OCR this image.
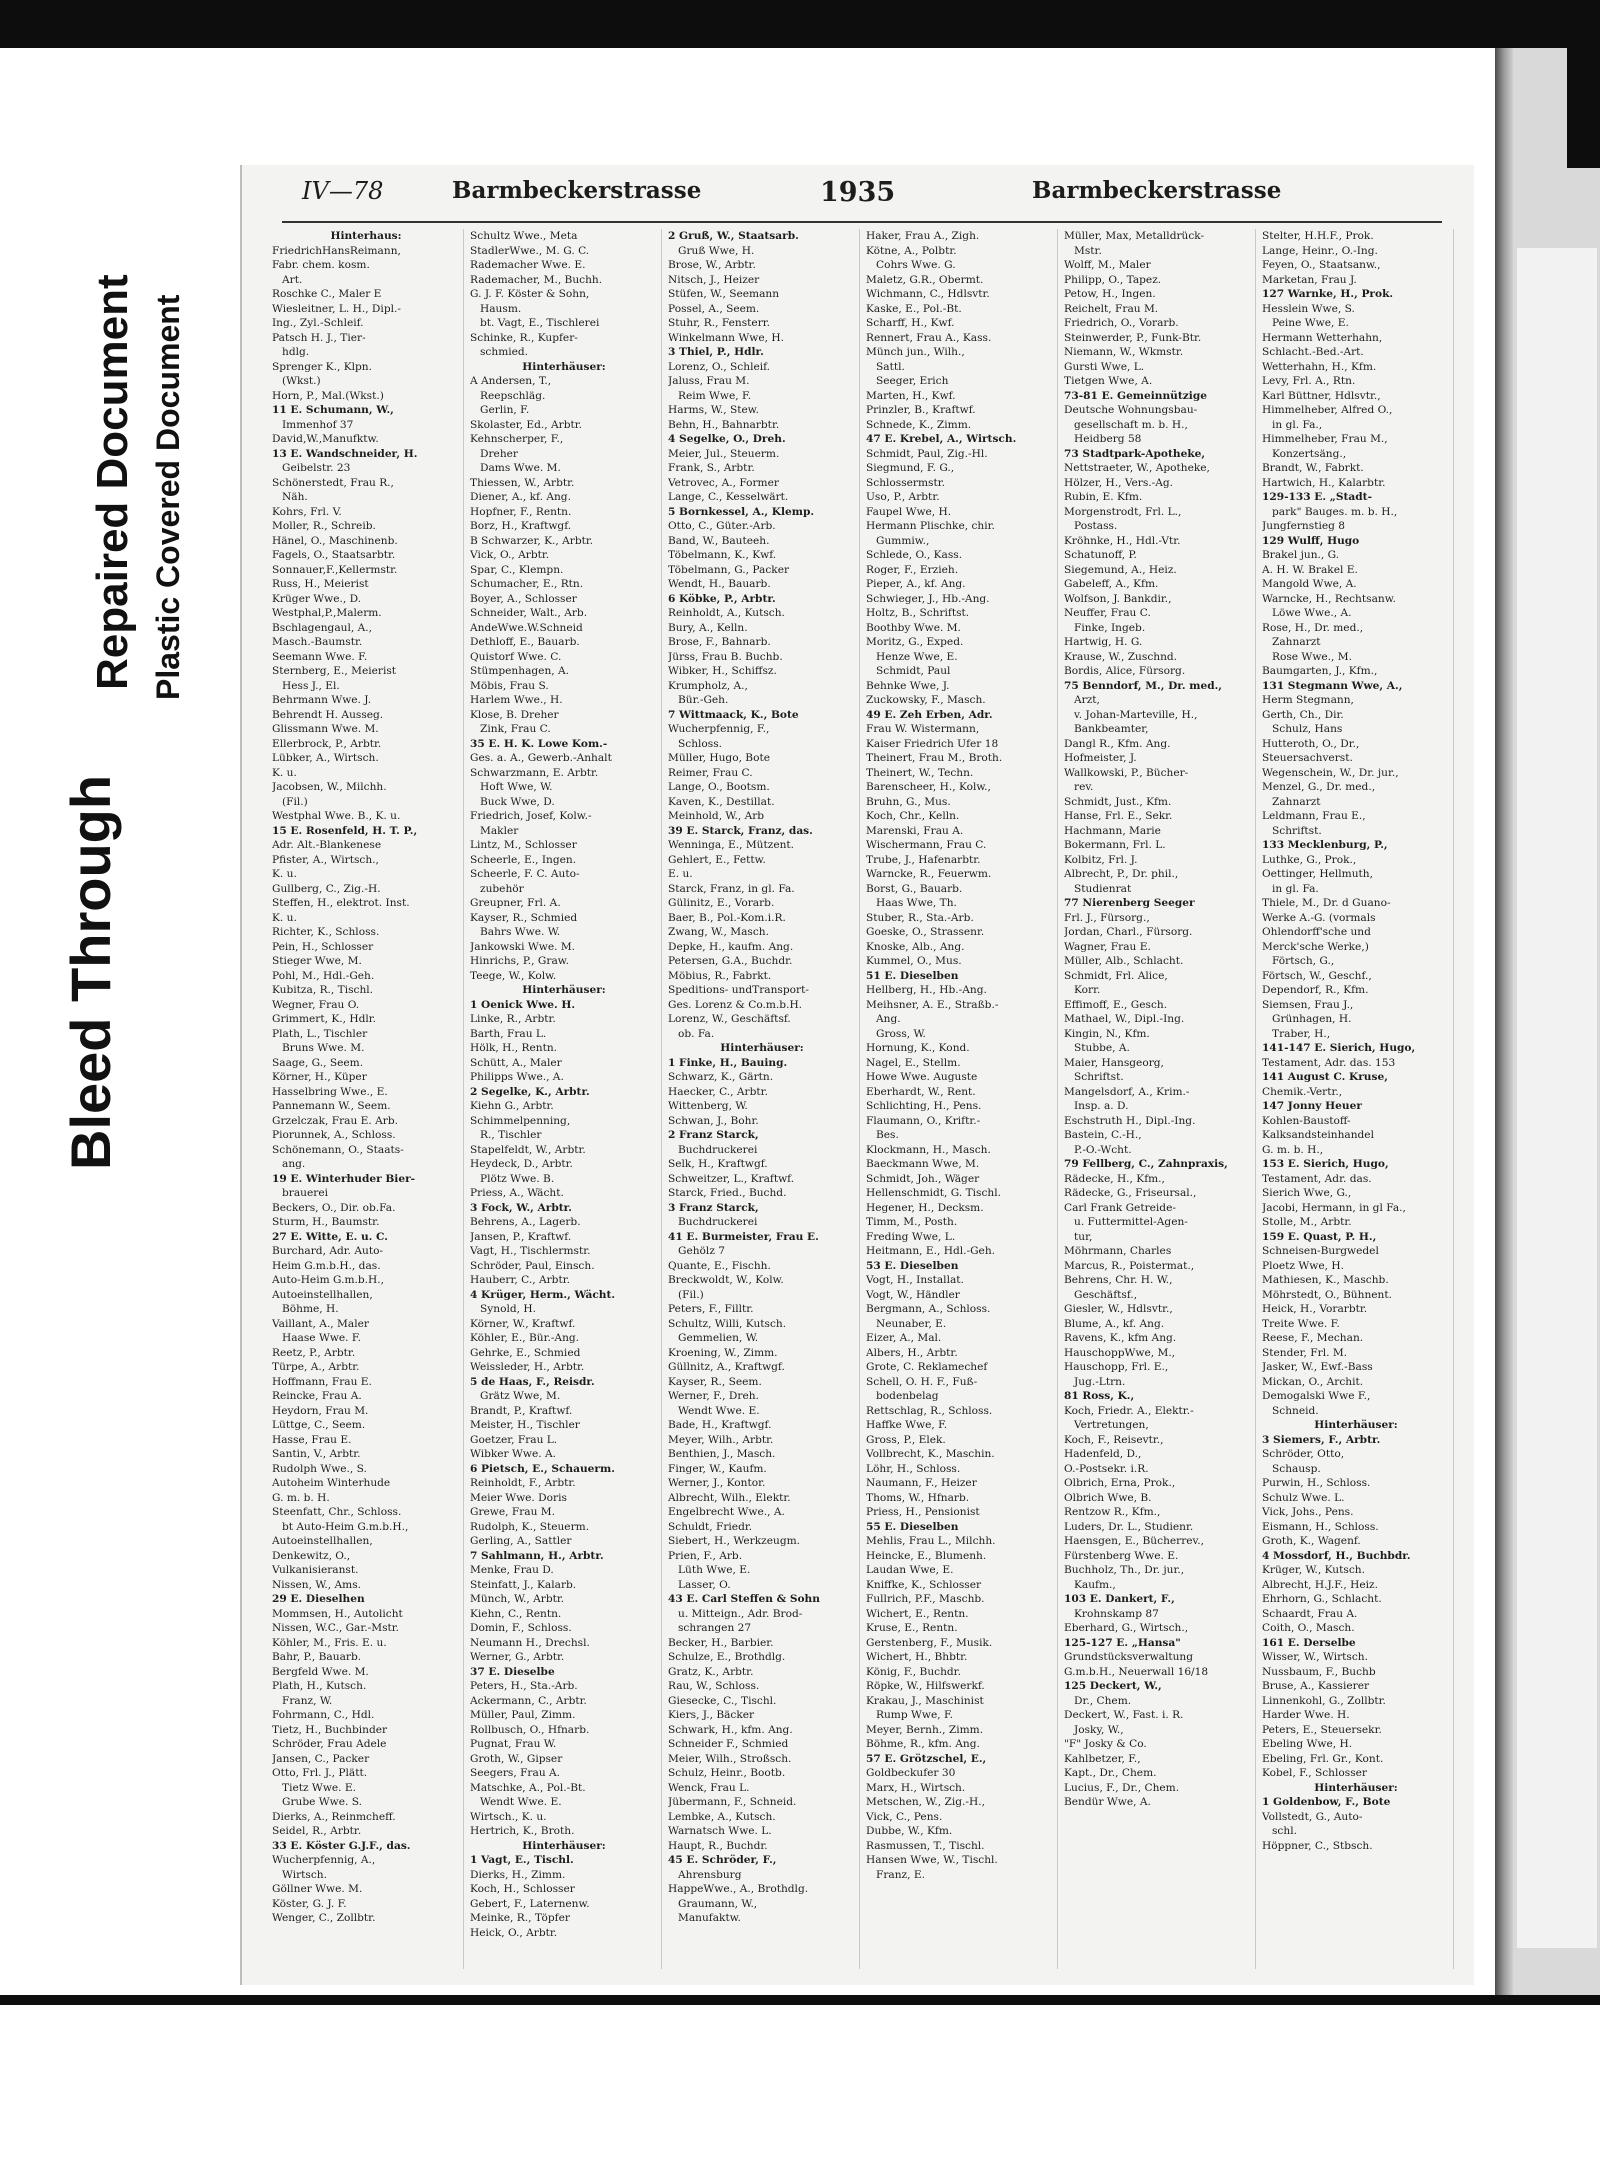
Bleed Through
Repaired Document Plastic Covered Document
IV—78	Barmbeckerstrasse	1935	Barmbeckerstrasse
Hinterhaus:
FriedrichHansReimann,
Fabr. chem. kosm.
Art.
Roschke C., Maler E
Wiesleitner, L. H., Dipl.-
Ing., Zyl.-Schleif.
Patsch H. J., Tier-
hdlg.
Sprenger K., Klpn.
(Wkst.)
Horn, P., Mal.(Wkst.)
11 E. Schumann, W.,
Immenhof 37
David,W.,Manufktw.
13 E. Wandschneider, H.
Geibelstr. 23
Schönerstedt, Frau R.,
Näh.
Kohrs, Frl. V.
Moller, R., Schreib.
Hänel, O., Maschinenb.
Fagels, O., Staatsarbtr.
Sonnauer,F.,Kellermstr.
Russ, H., Meierist
Krüger Wwe., D.
Westphal,P.,Malerm.
Bschlagengaul, A.,
Masch.-Baumstr.
Seemann Wwe. F.
Sternberg, E., Meierist
Hess J., El.
Behrmann Wwe. J.
Behrendt H. Ausseg.
Glissmann Wwe. M.
Ellerbrock, P., Arbtr.
Lübker, A., Wirtsch.
K. u.
Jacobsen, W., Milchh.
(Fil.)
Westphal Wwe. B., K. u.
15 E. Rosenfeld, H. T. P.,
Adr. Alt.-Blankenese
Pfister, A., Wirtsch.,
K. u.
Gullberg, C., Zig.-H.
Steffen, H., elektrot. Inst.
K. u.
Richter, K., Schloss.
Pein, H., Schlosser
Stieger Wwe, M.
Pohl, M., Hdl.-Geh.
Kubitza, R., Tischl.
Wegner, Frau O.
Grimmert, K., Hdlr.
Plath, L., Tischler
Bruns Wwe. M.
Saage, G., Seem.
Körner, H., Küper
Hasselbring Wwe., E.
Pannemann W., Seem.
Grzelczak, Frau E. Arb.
Piorunnek, A., Schloss.
Schönemann, O., Staats-
ang.
19 E. Winterhuder Bier-
brauerei
Beckers, O., Dir. ob.Fa.
Sturm, H., Baumstr.
27 E. Witte, E. u. C.
Burchard, Adr. Auto-
Heim G.m.b.H., das.
Auto-Heim G.m.b.H.,
Autoeinstellhallen,
Böhme, H.
Vaillant, A., Maler
Haase Wwe. F.
Reetz, P., Arbtr.
Türpe, A., Arbtr.
Hoffmann, Frau E.
Reincke, Frau A.
Heydorn, Frau M.
Lüttge, C., Seem.
Hasse, Frau E.
Santin, V., Arbtr.
Rudolph Wwe., S.
Autoheim Winterhude
G. m. b. H.
Steenfatt, Chr., Schloss.
bt Auto-Heim G.m.b.H.,
Autoeinstellhallen,
Denkewitz, O.,
Vulkanisieranst.
Nissen, W., Ams.
29 E. Dieselhen
Mommsen, H., Autolicht
Nissen, W.C., Gar.-Mstr.
Köhler, M., Fris. E. u.
Bahr, P., Bauarb.
Bergfeld Wwe. M.
Plath, H., Kutsch.
Franz, W.
Fohrmann, C., Hdl.
Tietz, H., Buchbinder
Schröder, Frau Adele
Jansen, C., Packer
Otto, Frl. J., Plätt.
Tietz Wwe. E.
Grube Wwe. S.
Dierks, A., Reinmcheff.
Seidel, R., Arbtr.
33 E. Köster G.J.F., das.
Wucherpfennig, A.,
Wirtsch.
Göllner Wwe. M.
Köster, G. J. F.
Wenger, C., Zollbtr.
Schultz Wwe., Meta
StadlerWwe., M. G. C.
Rademacher Wwe. E.
Rademacher, M., Buchh.
G. J. F. Köster & Sohn,
Hausm.
bt. Vagt, E., Tischlerei
Schinke, R., Kupfer-
schmied.
Hinterhäuser:
A Andersen, T.,
Reepschläg.
Gerlin, F.
Skolaster, Ed., Arbtr.
Kehnscherper, F.,
Dreher
Dams Wwe. M.
Thiessen, W., Arbtr.
Diener, A., kf. Ang.
Hopfner, F., Rentn.
Borz, H., Kraftwgf.
B Schwarzer, K., Arbtr.
Vick, O., Arbtr.
Spar, C., Klempn.
Schumacher, E., Rtn.
Boyer, A., Schlosser
Schneider, Walt., Arb.
AndeWwe.W.Schneid
Dethloff, E., Bauarb.
Quistorf Wwe. C.
Stümpenhagen, A.
Möbis, Frau S.
Harlem Wwe., H.
Klose, B. Dreher
Zink, Frau C.
35 E. H. K. Lowe Kom.-
Ges. a. A., Gewerb.-Anhalt
Schwarzmann, E. Arbtr.
Hoft Wwe, W.
Buck Wwe, D.
Friedrich, Josef, Kolw.-
Makler
Lintz, M., Schlosser
Scheerle, E., Ingen.
Scheerle, F. C. Auto-
zubehör
Greupner, Frl. A.
Kayser, R., Schmied
Bahrs Wwe. W.
Jankowski Wwe. M.
Hinrichs, P., Graw.
Teege, W., Kolw.
Hinterhäuser:
1 Oenick Wwe. H.
Linke, R., Arbtr.
Barth, Frau L.
Hölk, H., Rentn.
Schütt, A., Maler
Philipps Wwe., A.
2 Segelke, K., Arbtr.
Kiehn G., Arbtr.
Schimmelpenning,
R., Tischler
Stapelfeldt, W., Arbtr.
Heydeck, D., Arbtr.
Plötz Wwe. B.
Priess, A., Wächt.
3 Fock, W., Arbtr.
Behrens, A., Lagerb.
Jansen, P., Kraftwf.
Vagt, H., Tischlermstr.
Schröder, Paul, Einsch.
Hauberr, C., Arbtr.
4 Krüger, Herm., Wächt.
Synold, H.
Körner, W., Kraftwf.
Köhler, E., Bür.-Ang.
Gehrke, E., Schmied
Weissleder, H., Arbtr.
5 de Haas, F., Reisdr.
Grätz Wwe, M.
Brandt, P., Kraftwf.
Meister, H., Tischler
Goetzer, Frau L.
Wibker Wwe. A.
6 Pietsch, E., Schauerm.
Reinholdt, F., Arbtr.
Meier Wwe. Doris
Grewe, Frau M.
Rudolph, K., Steuerm.
Gerling, A., Sattler
7 Sahlmann, H., Arbtr.
Menke, Frau D.
Steinfatt, J., Kalarb.
Münch, W., Arbtr.
Kiehn, C., Rentn.
Domin, F., Schloss.
Neumann H., Drechsl.
Werner, G., Arbtr.
37 E. Dieselbe
Peters, H., Sta.-Arb.
Ackermann, C., Arbtr.
Müller, Paul, Zimm.
Rollbusch, O., Hfnarb.
Pugnat, Frau W.
Groth, W., Gipser
Seegers, Frau A.
Matschke, A., Pol.-Bt.
Wendt Wwe. E.
Wirtsch., K. u.
Hertrich, K., Broth.
Hinterhäuser:
1 Vagt, E., Tischl.
Dierks, H., Zimm.
Koch, H., Schlosser
Gebert, F., Laternenw.
Meinke, R., Töpfer
Heick, O., Arbtr.
2 Gruß, W., Staatsarb.
Gruß Wwe, H.
Brose, W., Arbtr.
Nitsch, J., Heizer
Stüfen, W., Seemann
Possel, A., Seem.
Stuhr, R., Fensterr.
Winkelmann Wwe, H.
3 Thiel, P., Hdlr.
Lorenz, O., Schleif.
Jaluss, Frau M.
Reim Wwe, F.
Harms, W., Stew.
Behn, H., Bahnarbtr.
4 Segelke, O., Dreh.
Meier, Jul., Steuerm.
Frank, S., Arbtr.
Vetrovec, A., Former
Lange, C., Kesselwärt.
5 Bornkessel, A., Klemp.
Otto, C., Güter.-Arb.
Band, W., Bauteeh.
Töbelmann, K., Kwf.
Töbelmann, G., Packer
Wendt, H., Bauarb.
6 Köbke, P., Arbtr.
Reinholdt, A., Kutsch.
Bury, A., Kelln.
Brose, F., Bahnarb.
Jürss, Frau B. Buchb.
Wibker, H., Schiffsz.
Krumpholz, A.,
Bür.-Geh.
7 Wittmaack, K., Bote
Wucherpfennig, F.,
Schloss.
Müller, Hugo, Bote
Reimer, Frau C.
Lange, O., Bootsm.
Kaven, K., Destillat.
Meinhold, W., Arb
39 E. Starck, Franz, das.
Wenninga, E., Mützent.
Gehlert, E., Fettw.
E. u.
Starck, Franz, in gl. Fa.
Gülinitz, E., Vorarb.
Baer, B., Pol.-Kom.i.R.
Zwang, W., Masch.
Depke, H., kaufm. Ang.
Petersen, G.A., Buchdr.
Möbius, R., Fabrkt.
Speditions- undTransport-
Ges. Lorenz & Co.m.b.H.
Lorenz, W., Geschäftsf.
ob. Fa.
Hinterhäuser:
1 Finke, H., Bauing.
Schwarz, K., Gärtn.
Haecker, C., Arbtr.
Wittenberg, W.
Schwan, J., Bohr.
2 Franz Starck,
Buchdruckerei
Selk, H., Kraftwgf.
Schweitzer, L., Kraftwf.
Starck, Fried., Buchd.
3 Franz Starck,
Buchdruckerei
41 E. Burmeister, Frau E.
Gehölz 7
Quante, E., Fischh.
Breckwoldt, W., Kolw.
(Fil.)
Peters, F., Filltr.
Schultz, Willi, Kutsch.
Gemmelien, W.
Kroening, W., Zimm.
Güllnitz, A., Kraftwgf.
Kayser, R., Seem.
Werner, F., Dreh.
Wendt Wwe. E.
Bade, H., Kraftwgf.
Meyer, Wilh., Arbtr.
Benthien, J., Masch.
Finger, W., Kaufm.
Werner, J., Kontor.
Albrecht, Wilh., Elektr.
Engelbrecht Wwe., A.
Schuldt, Friedr.
Siebert, H., Werkzeugm.
Prien, F., Arb.
Lüth Wwe, E.
Lasser, O.
43 E. Carl Steffen & Sohn
u. Mitteign., Adr. Brod-
schrangen 27
Becker, H., Barbier.
Schulze, E., Brothdlg.
Gratz, K., Arbtr.
Rau, W., Schloss.
Giesecke, C., Tischl.
Kiers, J., Bäcker
Schwark, H., kfm. Ang.
Schneider F., Schmied
Meier, Wilh., Stroßsch.
Schulz, Heinr., Bootb.
Wenck, Frau L.
Jübermann, F., Schneid.
Lembke, A., Kutsch.
Warnatsch Wwe. L.
Haupt, R., Buchdr.
45 E. Schröder, F.,
Ahrensburg
HappeWwe., A., Brothdlg.
Graumann, W.,
Manufaktw.
Haker, Frau A., Zigh.
Kötne, A., Polbtr.
Cohrs Wwe. G.
Maletz, G.R., Obermt.
Wichmann, C., Hdlsvtr.
Kaske, E., Pol.-Bt.
Scharff, H., Kwf.
Rennert, Frau A., Kass.
Münch jun., Wilh.,
Sattl.
Seeger, Erich
Marten, H., Kwf.
Prinzler, B., Kraftwf.
Schnede, K., Zimm.
47 E. Krebel, A., Wirtsch.
Schmidt, Paul, Zig.-Hl.
Siegmund, F. G.,
Schlossermstr.
Uso, P., Arbtr.
Faupel Wwe, H.
Hermann Plischke, chir.
Gummiw.,
Schlede, O., Kass.
Roger, F., Erzieh.
Pieper, A., kf. Ang.
Schwieger, J., Hb.-Ang.
Holtz, B., Schriftst.
Boothby Wwe. M.
Moritz, G., Exped.
Henze Wwe, E.
Schmidt, Paul
Behnke Wwe, J.
Zuckowsky, F., Masch.
49 E. Zeh Erben, Adr.
Frau W. Wistermann,
Kaiser Friedrich Ufer 18
Theinert, Frau M., Broth.
Theinert, W., Techn.
Barenscheer, H., Kolw.,
Bruhn, G., Mus.
Koch, Chr., Kelln.
Marenski, Frau A.
Wischermann, Frau C.
Trube, J., Hafenarbtr.
Warncke, R., Feuerwm.
Borst, G., Bauarb.
Haas Wwe, Th.
Stuber, R., Sta.-Arb.
Goeske, O., Strassenr.
Knoske, Alb., Ang.
Kummel, O., Mus.
51 E. Dieselben
Hellberg, H., Hb.-Ang.
Meihsner, A. E., Straßb.-
Ang.
Gross, W.
Hornung, K., Kond.
Nagel, E., Stellm.
Howe Wwe. Auguste
Eberhardt, W., Rent.
Schlichting, H., Pens.
Flaumann, O., Kriftr.-
Bes.
Klockmann, H., Masch.
Baeckmann Wwe, M.
Schmidt, Joh., Wäger
Hellenschmidt, G. Tischl.
Hegener, H., Decksm.
Timm, M., Posth.
Freding Wwe, L.
Heitmann, E., Hdl.-Geh.
53 E. Dieselben
Vogt, H., Installat.
Vogt, W., Händler
Bergmann, A., Schloss.
Neunaber, E.
Eizer, A., Mal.
Albers, H., Arbtr.
Grote, C. Reklamechef
Schell, O. H. F., Fuß-
bodenbelag
Rettschlag, R., Schloss.
Haffke Wwe, F.
Gross, P., Elek.
Vollbrecht, K., Maschin.
Löhr, H., Schloss.
Naumann, F., Heizer
Thoms, W., Hfnarb.
Priess, H., Pensionist
55 E. Dieselben
Mehlis, Frau L., Milchh.
Heincke, E., Blumenh.
Laudan Wwe, E.
Kniffke, K., Schlosser
Fullrich, P.F., Maschb.
Wichert, E., Rentn.
Kruse, E., Rentn.
Gerstenberg, F., Musik.
Wichert, H., Bhbtr.
König, F., Buchdr.
Röpke, W., Hilfswerkf.
Krakau, J., Maschinist
Rump Wwe, F.
Meyer, Bernh., Zimm.
Böhme, R., kfm. Ang.
57 E. Grötzschel, E.,
Goldbeckufer 30
Marx, H., Wirtsch.
Metschen, W., Zig.-H.,
Vick, C., Pens.
Dubbe, W., Kfm.
Rasmussen, T., Tischl.
Hansen Wwe, W., Tischl.
Franz, E.
Müller, Max, Metalldrück-
Mstr.
Wolff, M., Maler
Philipp, O., Tapez.
Petow, H., Ingen.
Reichelt, Frau M.
Friedrich, O., Vorarb.
Steinwerder, P., Funk-Btr.
Niemann, W., Wkmstr.
Gursti Wwe, L.
Tietgen Wwe, A.
73-81 E. Gemeinnützige
Deutsche Wohnungsbau-
gesellschaft m. b. H.,
Heidberg 58
73 Stadtpark-Apotheke,
Nettstraeter, W., Apotheke,
Hölzer, H., Vers.-Ag.
Rubin, E. Kfm.
Morgenstrodt, Frl. L.,
Postass.
Kröhnke, H., Hdl.-Vtr.
Schatunoff, P.
Siegemund, A., Heiz.
Gabeleff, A., Kfm.
Wolfson, J. Bankdir.,
Neuffer, Frau C.
Finke, Ingeb.
Hartwig, H. G.
Krause, W., Zuschnd.
Bordis, Alice, Fürsorg.
75 Benndorf, M., Dr. med.,
Arzt,
v. Johan-Marteville, H.,
Bankbeamter,
Dangl R., Kfm. Ang.
Hofmeister, J.
Wallkowski, P., Bücher-
rev.
Schmidt, Just., Kfm.
Hanse, Frl. E., Sekr.
Hachmann, Marie
Bokermann, Frl. L.
Kolbitz, Frl. J.
Albrecht, P., Dr. phil.,
Studienrat
77 Nierenberg Seeger
Frl. J., Fürsorg.,
Jordan, Charl., Fürsorg.
Wagner, Frau E.
Müller, Alb., Schlacht.
Schmidt, Frl. Alice,
Korr.
Effimoff, E., Gesch.
Mathael, W., Dipl.-Ing.
Kingin, N., Kfm.
Stubbe, A.
Maier, Hansgeorg,
Schriftst.
Mangelsdorf, A., Krim.-
Insp. a. D.
Eschstruth H., Dipl.-Ing.
Bastein, C.-H.,
P.-O.-Wcht.
79 Fellberg, C., Zahnpraxis,
Rädecke, H., Kfm.,
Rädecke, G., Friseursal.,
Carl Frank Getreide-
u. Futtermittel-Agen-
tur,
Möhrmann, Charles
Marcus, R., Poistermat.,
Behrens, Chr. H. W.,
Geschäftsf.,
Giesler, W., Hdlsvtr.,
Blume, A., kf. Ang.
Ravens, K., kfm Ang.
HauschoppWwe, M.,
Hauschopp, Frl. E.,
Jug.-Ltrn.
81 Ross, K.,
Koch, Friedr. A., Elektr.-
Vertretungen,
Koch, F., Reisevtr.,
Hadenfeld, D.,
O.-Postsekr. i.R.
Olbrich, Erna, Prok.,
Olbrich Wwe, B.
Rentzow R., Kfm.,
Luders, Dr. L., Studienr.
Haensgen, E., Bücherrev.,
Fürstenberg Wwe. E.
Buchholz, Th., Dr. jur.,
Kaufm.,
103 E. Dankert, F.,
Krohnskamp 87
Eberhard, G., Wirtsch.,
125-127 E. „Hansa"
Grundstücksverwaltung
G.m.b.H., Neuerwall 16/18
125 Deckert, W.,
Dr., Chem.
Deckert, W., Fast. i. R.
Josky, W.,
"F" Josky & Co.
Kahlbetzer, F.,
Kapt., Dr., Chem.
Lucius, F., Dr., Chem.
Bendür Wwe, A.
Stelter, H.H.F., Prok.
Lange, Heinr., O.-Ing.
Feyen, O., Staatsanw.,
Marketan, Frau J.
127 Warnke, H., Prok.
Hesslein Wwe, S.
Peine Wwe, E.
Hermann Wetterhahn,
Schlacht.-Bed.-Art.
Wetterhahn, H., Kfm.
Levy, Frl. A., Rtn.
Karl Büttner, Hdlsvtr.,
Himmelheber, Alfred O.,
in gl. Fa.,
Himmelheber, Frau M.,
Konzertsäng.,
Brandt, W., Fabrkt.
Hartwich, H., Kalarbtr.
129-133 E. „Stadt-
park" Bauges. m. b. H.,
Jungfernstieg 8
129 Wulff, Hugo
Brakel jun., G.
A. H. W. Brakel E.
Mangold Wwe, A.
Warncke, H., Rechtsanw.
Löwe Wwe., A.
Rose, H., Dr. med.,
Zahnarzt
Rose Wwe., M.
Baumgarten, J., Kfm.,
131 Stegmann Wwe, A.,
Herm Stegmann,
Gerth, Ch., Dir.
Schulz, Hans
Hutteroth, O., Dr.,
Steuersachverst.
Wegenschein, W., Dr. jur.,
Menzel, G., Dr. med.,
Zahnarzt
Leldmann, Frau E.,
Schriftst.
133 Mecklenburg, P.,
Luthke, G., Prok.,
Oettinger, Hellmuth,
in gl. Fa.
Thiele, M., Dr. d Guano-
Werke A.-G. (vormals
Ohlendorff'sche und
Merck'sche Werke,)
Förtsch, G.,
Förtsch, W., Geschf.,
Dependorf, R., Kfm.
Siemsen, Frau J.,
Grünhagen, H.
Traber, H.,
141-147 E. Sierich, Hugo,
Testament, Adr. das. 153
141 August C. Kruse,
Chemik.-Vertr.,
147 Jonny Heuer
Kohlen-Baustoff-
Kalksandsteinhandel
G. m. b. H.,
153 E. Sierich, Hugo,
Testament, Adr. das.
Sierich Wwe, G.,
Jacobi, Hermann, in gl Fa.,
Stolle, M., Arbtr.
159 E. Quast, P. H.,
Schneisen-Burgwedel
Ploetz Wwe, H.
Mathiesen, K., Maschb.
Möhrstedt, O., Bühnent.
Heick, H., Vorarbtr.
Treite Wwe. F.
Reese, F., Mechan.
Stender, Frl. M.
Jasker, W., Ewf.-Bass
Mickan, O., Archit.
Demogalski Wwe F.,
Schneid.
Hinterhäuser:
3 Siemers, F., Arbtr.
Schröder, Otto,
Schausp.
Purwin, H., Schloss.
Schulz Wwe. L.
Vick, Johs., Pens.
Eismann, H., Schloss.
Groth, K., Wagenf.
4 Mossdorf, H., Buchbdr.
Krüger, W., Kutsch.
Albrecht, H.J.F., Heiz.
Ehrhorn, G., Schlacht.
Schaardt, Frau A.
Coith, O., Masch.
161 E. Derselbe
Wisser, W., Wirtsch.
Nussbaum, F., Buchb
Bruse, A., Kassierer
Linnenkohl, G., Zollbtr.
Harder Wwe. H.
Peters, E., Steuersekr.
Ebeling Wwe, H.
Ebeling, Frl. Gr., Kont.
Kobel, F., Schlosser
Hinterhäuser:
1 Goldenbow, F., Bote
Vollstedt, G., Auto-
schl.
Höppner, C., Stbsch.
